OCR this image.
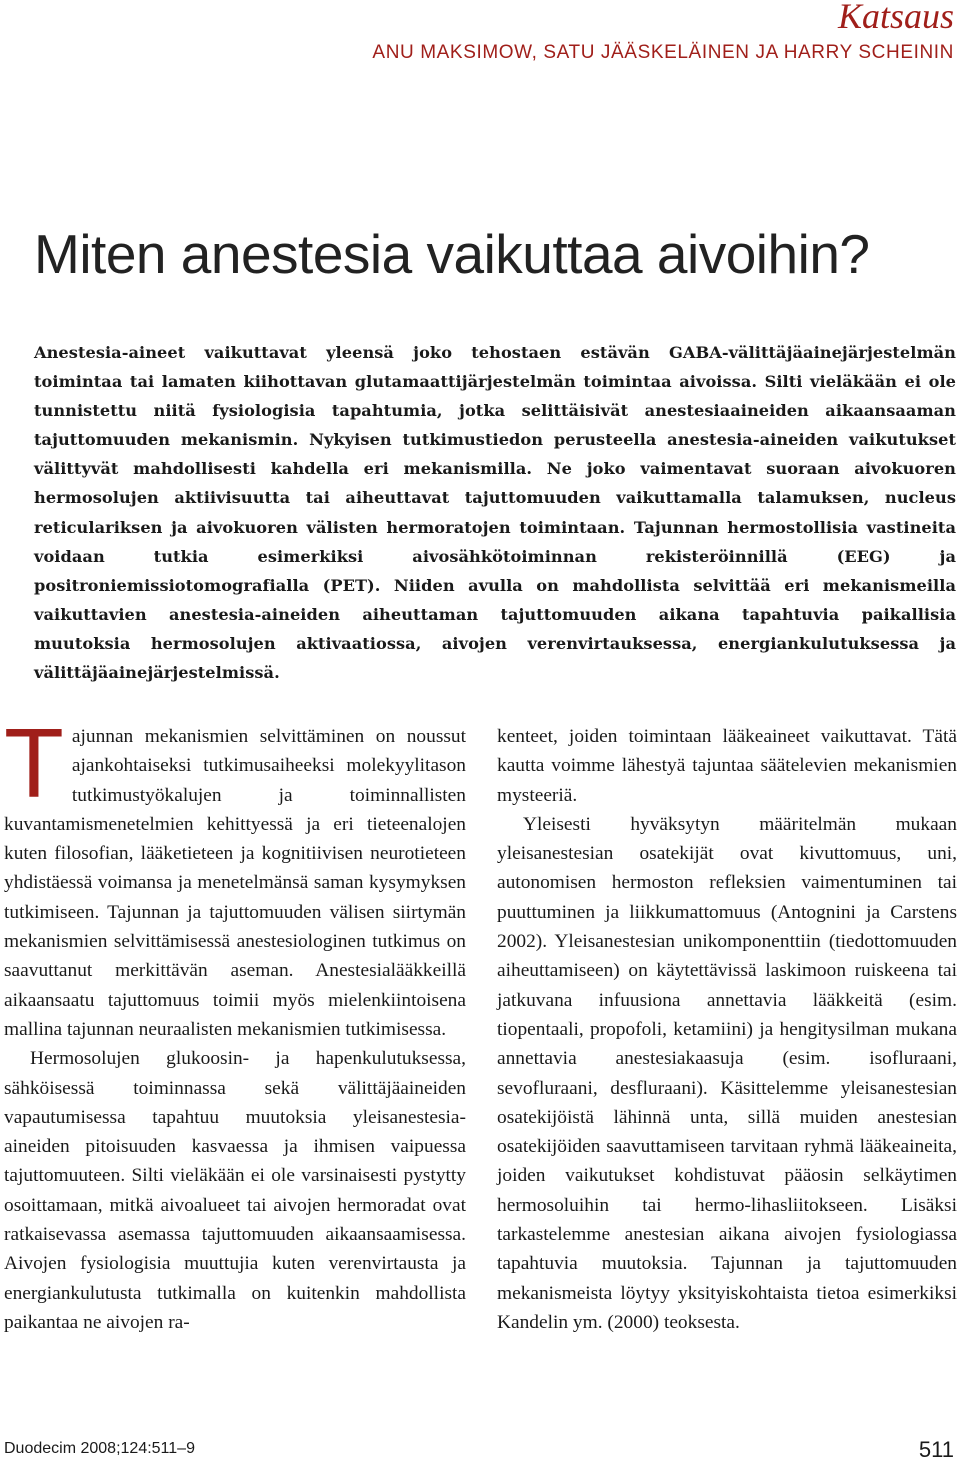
Katsaus

ANU MAKSIMOW, SATU JÄÄSKELÄINEN JA HARRY SCHEININ

Miten anestesia vaikuttaa aivoihin?

Anestesia-aineet vaikuttavat yleensä joko tehostaen estävän GABA-välittäjäainejärjestelmän toimintaa tai lamaten kiihottavan glutamaattijärjestelmän toimintaa aivoissa. Silti vieläkään ei ole tunnistettu niitä fysiologisia tapahtumia, jotka selittäisivät anestesiaaineiden aikaansaaman tajuttomuuden mekanismin. Nykyisen tutkimustiedon perusteella anestesia-aineiden vaikutukset välittyvät mahdollisesti kahdella eri mekanismilla. Ne joko vaimentavat suoraan aivokuoren hermosolujen aktiivisuutta tai aiheuttavat tajuttomuuden vaikuttamalla talamuksen, nucleus reticulariksen ja aivokuoren välisten hermoratojen toimintaan. Tajunnan hermostollisia vastineita voidaan tutkia esimerkiksi aivosähkötoiminnan rekisteröinnillä (EEG) ja positroniemissiotomografialla (PET). Niiden avulla on mahdollista selvittää eri mekanismeilla vaikuttavien anestesia-aineiden aiheuttaman tajuttomuuden aikana tapahtuvia paikallisia muutoksia hermosolujen aktivaatiossa, aivojen verenvirtauksessa, energiankulutuksessa ja välittäjäainejärjestelmissä.

Tajunnan mekanismien selvittäminen on noussut ajankohtaiseksi tutkimusaiheeksi molekyylitason tutkimustyökalujen ja toiminnallisten kuvantamismenetelmien kehittyessä ja eri tieteenalojen kuten filosofian, lääketieteen ja kognitiivisen neurotieteen yhdistäessä voimansa ja menetelmänsä saman kysymyksen tutkimiseen. Tajunnan ja tajuttomuuden välisen siirtymän mekanismien selvittämisessä anestesiologinen tutkimus on saavuttanut merkittävän aseman. Anestesialääkkeillä aikaansaatu tajuttomuus toimii myös mielenkiintoisena mallina tajunnan neuraalisten mekanismien tutkimisessa.

Hermosolujen glukoosin- ja hapenkulutuksessa, sähköisessä toiminnassa sekä välittäjäaineiden vapautumisessa tapahtuu muutoksia yleisanestesia-aineiden pitoisuuden kasvaessa ja ihmisen vaipuessa tajuttomuuteen. Silti vieläkään ei ole varsinaisesti pystytty osoittamaan, mitkä aivoalueet tai aivojen hermoradat ovat ratkaisevassa asemassa tajuttomuuden aikaansaamisessa. Aivojen fysiologisia muuttujia kuten verenvirtausta ja energiankulutusta tutkimalla on kuitenkin mahdollista paikantaa ne aivojen ra-

kenteet, joiden toimintaan lääkeaineet vaikuttavat. Tätä kautta voimme lähestyä tajuntaa säätelevien mekanismien mysteeriä.

Yleisesti hyväksytyn määritelmän mukaan yleisanestesian osatekijät ovat kivuttomuus, uni, autonomisen hermoston refleksien vaimentuminen tai puuttuminen ja liikkumattomuus (Antognini ja Carstens 2002). Yleisanestesian unikomponenttiin (tiedottomuuden aiheuttamiseen) on käytettävissä laskimoon ruiskeena tai jatkuvana infuusiona annettavia lääkkeitä (esim. tiopentaali, propofoli, ketamiini) ja hengitysilman mukana annettavia anestesiakaasuja (esim. isofluraani, sevofluraani, desfluraani). Käsittelemme yleisanestesian osatekijöistä lähinnä unta, sillä muiden anestesian osatekijöiden saavuttamiseen tarvitaan ryhmä lääkeaineita, joiden vaikutukset kohdistuvat pääosin selkäytimen hermosoluihin tai hermo-lihasliitokseen. Lisäksi tarkastelemme anestesian aikana aivojen fysiologiassa tapahtuvia muutoksia. Tajunnan ja tajuttomuuden mekanismeista löytyy yksityiskohtaista tietoa esimerkiksi Kandelin ym. (2000) teoksesta.

Duodecim 2008;124:511–9	511
